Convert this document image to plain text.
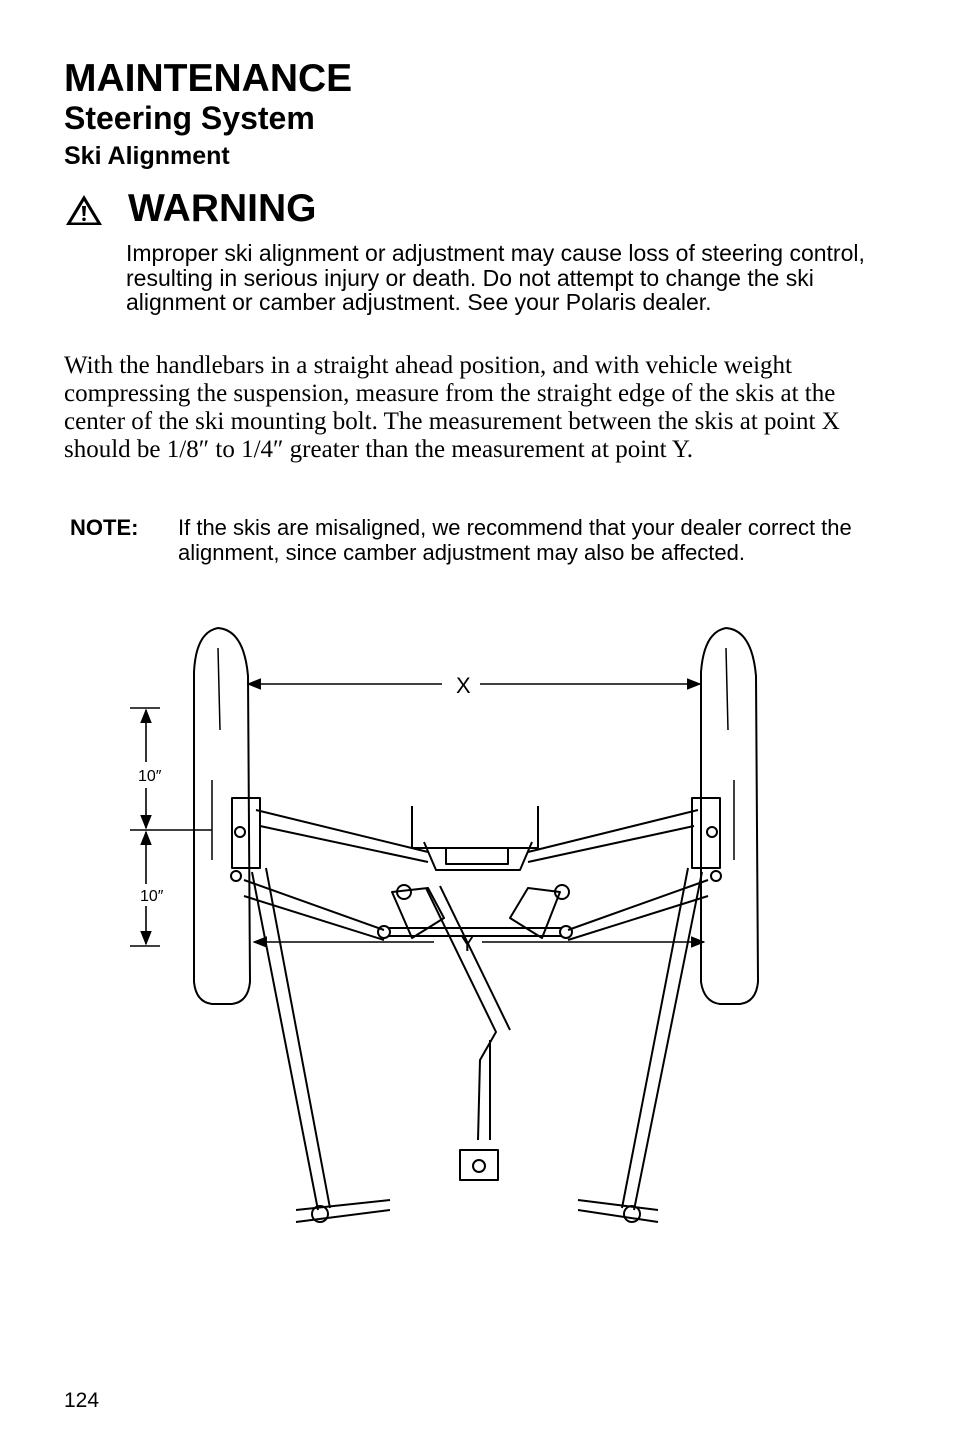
MAINTENANCE
Steering System
Ski Alignment
WARNING
Improper ski alignment or adjustment may cause loss of steering control, resulting in serious injury or death. Do not attempt to change the ski alignment or camber adjustment. See your Polaris dealer.
With the handlebars in a straight ahead position, and with vehicle weight compressing the suspension, measure from the straight edge of the skis at the center of the ski mounting bolt. The measurement between the skis at point X should be 1/8″ to 1/4″ greater than the measurement at point Y.
NOTE: If the skis are misaligned, we recommend that your dealer correct the alignment, since camber adjustment may also be affected.
X
Y
10″
10″
124
